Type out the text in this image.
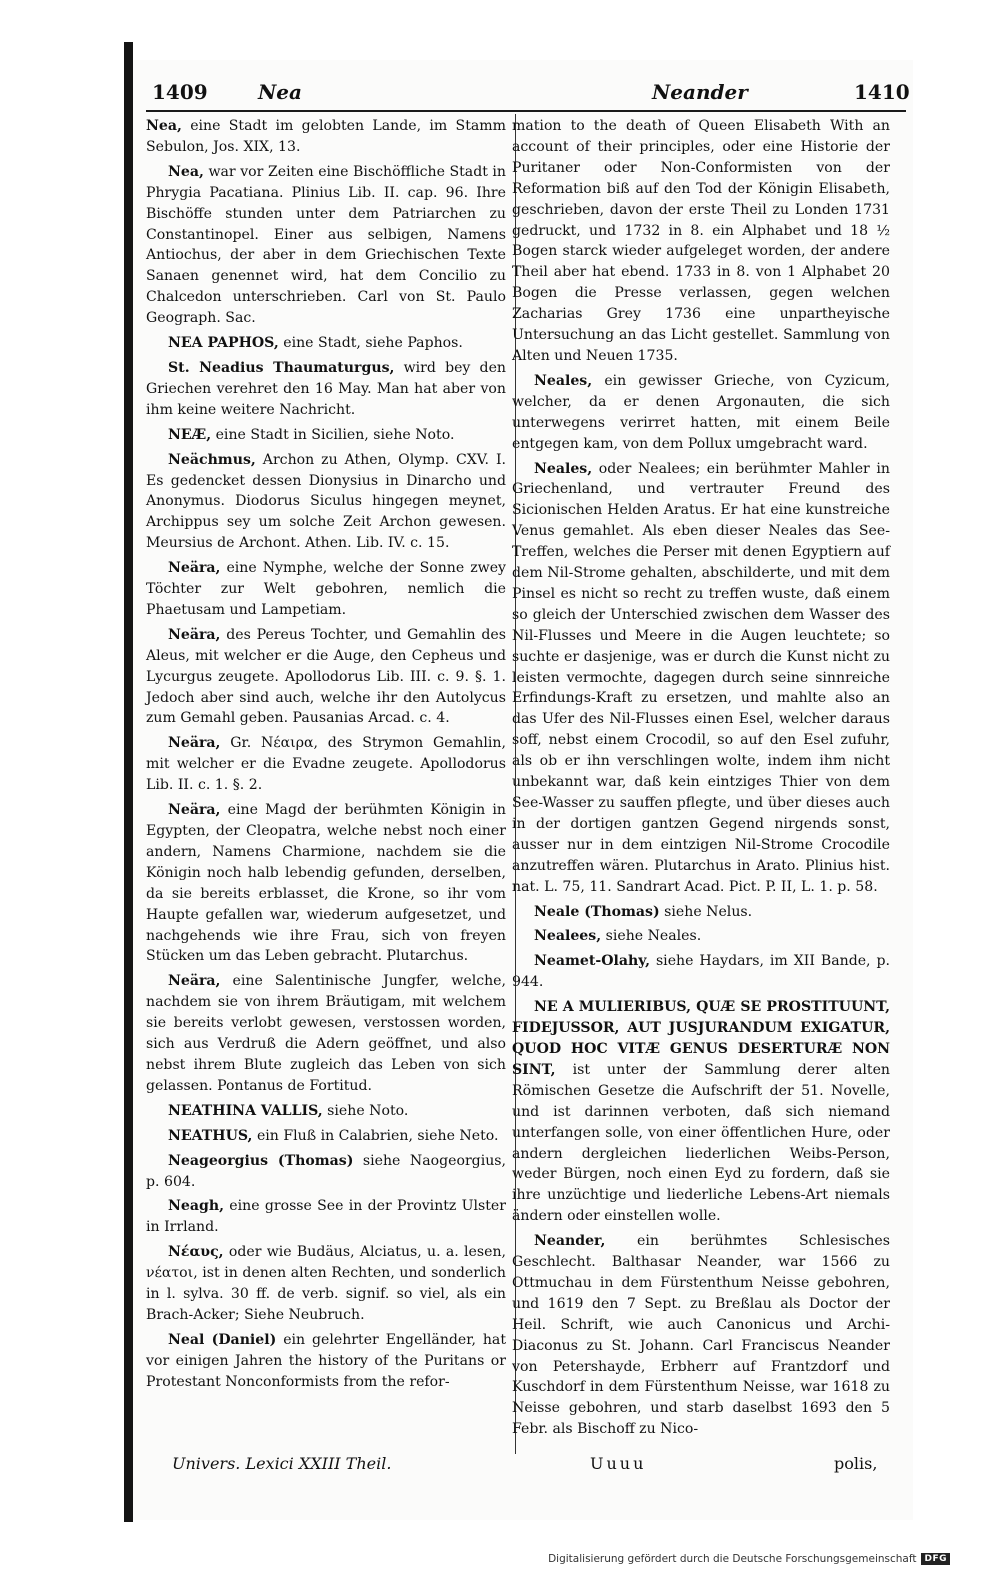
1409	Nea	Neander	1410

Nea, eine Stadt im gelobten Lande, im Stamm Sebulon, Jos. XIX, 13.

Nea, war vor Zeiten eine Bischöffliche Stadt in Phrygia Pacatiana. Plinius Lib. II. cap. 96. Ihre Bischöffe stunden unter dem Patriarchen zu Constantinopel. Einer aus selbigen, Namens Antiochus, der aber in dem Griechischen Texte Sanaen genennet wird, hat dem Concilio zu Chalcedon unterschrieben. Carl von St. Paulo Geograph. Sac.

NEA PAPHOS, eine Stadt, siehe Paphos.

St. Neadius Thaumaturgus, wird bey den Griechen verehret den 16 May. Man hat aber von ihm keine weitere Nachricht.

NEÆ, eine Stadt in Sicilien, siehe Noto.

Neächmus, Archon zu Athen, Olymp. CXV. I. Es gedencket dessen Dionysius in Dinarcho und Anonymus. Diodorus Siculus hingegen meynet, Archippus sey um solche Zeit Archon gewesen. Meursius de Archont. Athen. Lib. IV. c. 15.

Neära, eine Nymphe, welche der Sonne zwey Töchter zur Welt gebohren, nemlich die Phaetusam und Lampetiam.

Neära, des Pereus Tochter, und Gemahlin des Aleus, mit welcher er die Auge, den Cepheus und Lycurgus zeugete. Apollodorus Lib. III. c. 9. §. 1. Jedoch aber sind auch, welche ihr den Autolycus zum Gemahl geben. Pausanias Arcad. c. 4.

Neära, Gr. Νέαιρα, des Strymon Gemahlin, mit welcher er die Evadne zeugete. Apollodorus Lib. II. c. 1. §. 2.

Neära, eine Magd der berühmten Königin in Egypten, der Cleopatra, welche nebst noch einer andern, Namens Charmione, nachdem sie die Königin noch halb lebendig gefunden, derselben, da sie bereits erblasset, die Krone, so ihr vom Haupte gefallen war, wiederum aufgesetzet, und nachgehends wie ihre Frau, sich von freyen Stücken um das Leben gebracht. Plutarchus.

Neära, eine Salentinische Jungfer, welche, nachdem sie von ihrem Bräutigam, mit welchem sie bereits verlobt gewesen, verstossen worden, sich aus Verdruß die Adern geöffnet, und also nebst ihrem Blute zugleich das Leben von sich gelassen. Pontanus de Fortitud.

NEATHINA VALLIS, siehe Noto.

NEATHUS, ein Fluß in Calabrien, siehe Neto.

Neageorgius (Thomas) siehe Naogeorgius, p. 604.

Neagh, eine grosse See in der Provintz Ulster in Irrland.

Νέαυς, oder wie Budäus, Alciatus, u. a. lesen, νέατοι, ist in denen alten Rechten, und sonderlich in l. sylva. 30 ff. de verb. signif. so viel, als ein Brach-Acker; Siehe Neubruch.

Neal (Daniel) ein gelehrter Engelländer, hat vor einigen Jahren the history of the Puritans or Protestant Nonconformists from the refor-

mation to the death of Queen Elisabeth With an account of their principles, oder eine Historie der Puritaner oder Non-Conformisten von der Reformation biß auf den Tod der Königin Elisabeth, geschrieben, davon der erste Theil zu Londen 1731 gedruckt, und 1732 in 8. ein Alphabet und 18 ½ Bogen starck wieder aufgeleget worden, der andere Theil aber hat ebend. 1733 in 8. von 1 Alphabet 20 Bogen die Presse verlassen, gegen welchen Zacharias Grey 1736 eine unpartheyische Untersuchung an das Licht gestellet. Sammlung von Alten und Neuen 1735.

Neales, ein gewisser Grieche, von Cyzicum, welcher, da er denen Argonauten, die sich unterwegens verirret hatten, mit einem Beile entgegen kam, von dem Pollux umgebracht ward.

Neales, oder Nealees; ein berühmter Mahler in Griechenland, und vertrauter Freund des Sicionischen Helden Aratus. Er hat eine kunstreiche Venus gemahlet. Als eben dieser Neales das See-Treffen, welches die Perser mit denen Egyptiern auf dem Nil-Strome gehalten, abschilderte, und mit dem Pinsel es nicht so recht zu treffen wuste, daß einem so gleich der Unterschied zwischen dem Wasser des Nil-Flusses und Meere in die Augen leuchtete; so suchte er dasjenige, was er durch die Kunst nicht zu leisten vermochte, dagegen durch seine sinnreiche Erfindungs-Kraft zu ersetzen, und mahlte also an das Ufer des Nil-Flusses einen Esel, welcher daraus soff, nebst einem Crocodil, so auf den Esel zufuhr, als ob er ihn verschlingen wolte, indem ihm nicht unbekannt war, daß kein eintziges Thier von dem See-Wasser zu sauffen pflegte, und über dieses auch in der dortigen gantzen Gegend nirgends sonst, ausser nur in dem eintzigen Nil-Strome Crocodile anzutreffen wären. Plutarchus in Arato. Plinius hist. nat. L. 75, 11. Sandrart Acad. Pict. P. II, L. 1. p. 58.

Neale (Thomas) siehe Nelus.

Nealees, siehe Neales.

Neamet-Olahy, siehe Haydars, im XII Bande, p. 944.

NE A MULIERIBUS, QUÆ SE PROSTITUUNT, FIDEJUSSOR, AUT JUSJURANDUM EXIGATUR, QUOD HOC VITÆ GENUS DESERTURÆ NON SINT, ist unter der Sammlung derer alten Römischen Gesetze die Aufschrift der 51. Novelle, und ist darinnen verboten, daß sich niemand unterfangen solle, von einer öffentlichen Hure, oder andern dergleichen liederlichen Weibs-Person, weder Bürgen, noch einen Eyd zu fordern, daß sie ihre unzüchtige und liederliche Lebens-Art niemals ändern oder einstellen wolle.

Neander, ein berühmtes Schlesisches Geschlecht. Balthasar Neander, war 1566 zu Ottmuchau in dem Fürstenthum Neisse gebohren, und 1619 den 7 Sept. zu Breßlau als Doctor der Heil. Schrift, wie auch Canonicus und Archi-Diaconus zu St. Johann. Carl Franciscus Neander von Petershayde, Erbherr auf Frantzdorf und Kuschdorf in dem Fürstenthum Neisse, war 1618 zu Neisse gebohren, und starb daselbst 1693 den 5 Febr. als Bischoff zu Nico-

Univers. Lexici XXIII Theil.	Uuuu	polis,
Digitalisierung gefördert durch die Deutsche Forschungsgemeinschaft DFG
